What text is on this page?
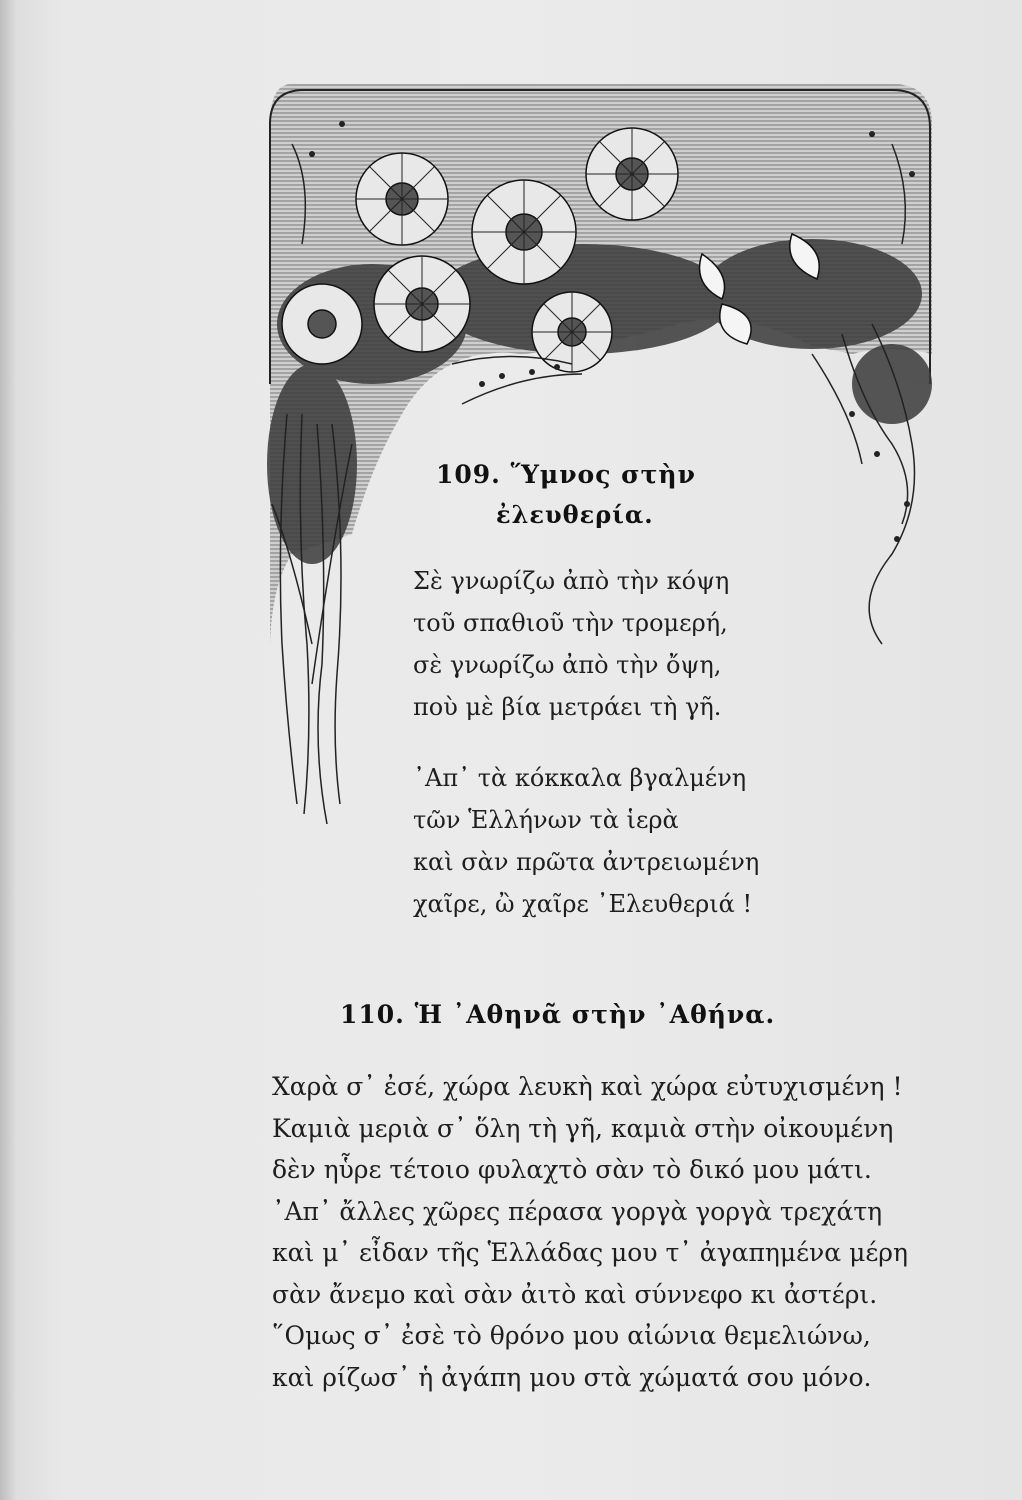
109. Ὕμνος στὴν
ἐλευθερία.
Σὲ γνωρίζω ἀπὸ τὴν κόψη
τοῦ σπαθιοῦ τὴν τρομερή,
σὲ γνωρίζω ἀπὸ τὴν ὄψη,
ποὺ μὲ βία μετράει τὴ γῆ.
᾿Απ᾿ τὰ κόκκαλα βγαλμένη
τῶν Ἑλλήνων τὰ ἱερὰ
καὶ σὰν πρῶτα ἀντρειωμένη
χαῖρε, ὢ χαῖρε ᾿Ελευθεριά !
110. Ἡ ᾿Αθηνᾶ στὴν ᾿Αθήνα.
Χαρὰ σ᾿ ἐσέ, χώρα λευκὴ καὶ χώρα εὐτυχισμένη !
Καμιὰ μεριὰ σ᾿ ὅλη τὴ γῆ, καμιὰ στὴν οἰκουμένη
δὲν ηὗρε τέτοιο φυλαχτὸ σὰν τὸ δικό μου μάτι.
᾿Απ᾿ ἄλλες χῶρες πέρασα γοργὰ γοργὰ τρεχάτη
καὶ μ᾿ εἶδαν τῆς Ἑλλάδας μου τ᾿ ἀγαπημένα μέρη
σὰν ἄνεμο καὶ σὰν ἀιτὸ καὶ σύννεφο κι ἀστέρι.
῞Ομως σ᾿ ἐσὲ τὸ θρόνο μου αἰώνια θεμελιώνω,
καὶ ρίζωσ᾿ ἡ ἀγάπη μου στὰ χώματά σου μόνο.
